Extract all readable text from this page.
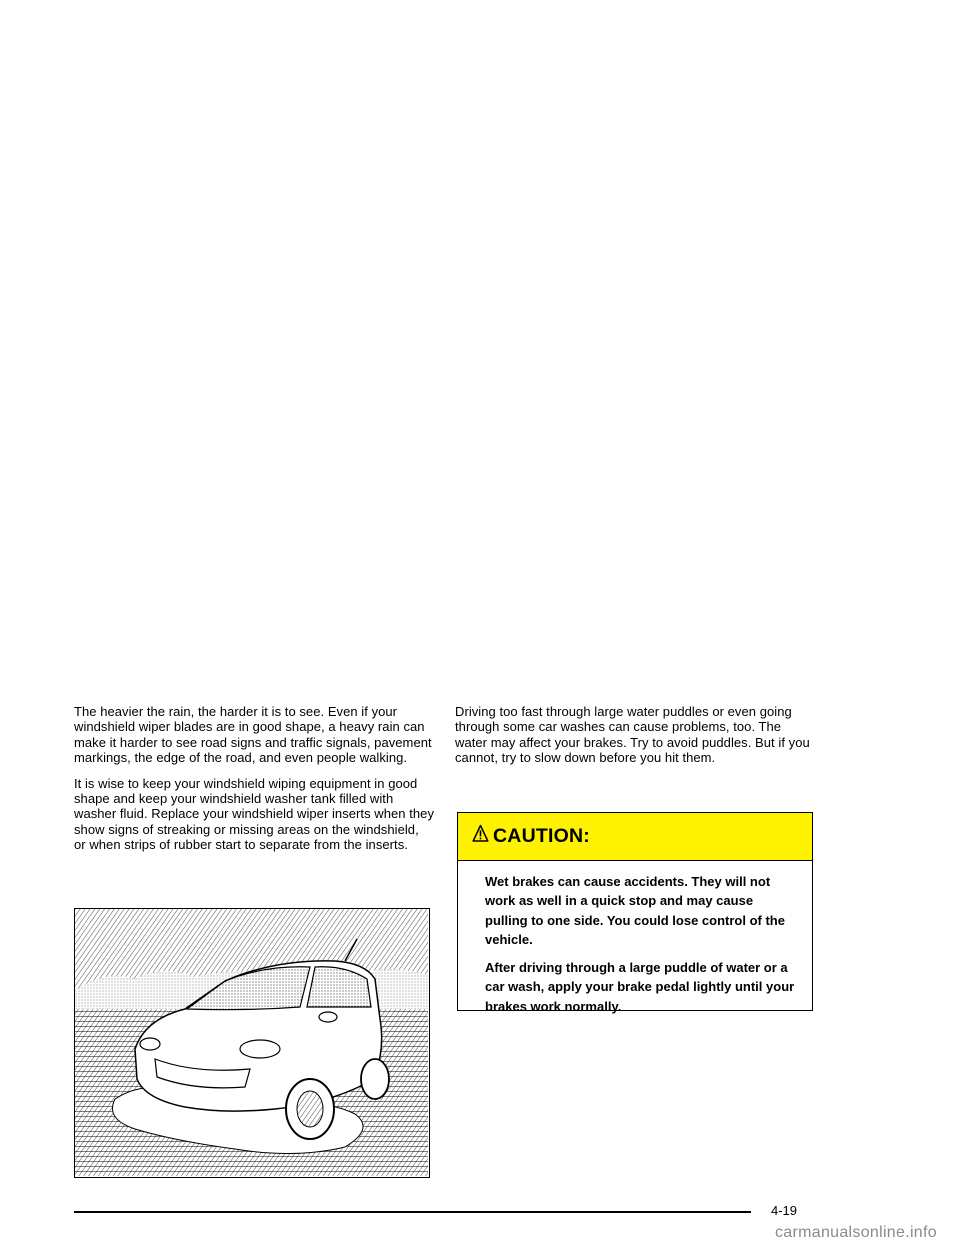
The heavier the rain, the harder it is to see. Even if your windshield wiper blades are in good shape, a heavy rain can make it harder to see road signs and traffic signals, pavement markings, the edge of the road, and even people walking.

It is wise to keep your windshield wiping equipment in good shape and keep your windshield washer tank filled with washer fluid. Replace your windshield wiper inserts when they show signs of streaking or missing areas on the windshield, or when strips of rubber start to separate from the inserts.

Driving too fast through large water puddles or even going through some car washes can cause problems, too. The water may affect your brakes. Try to avoid puddles. But if you cannot, try to slow down before you hit them.

CAUTION:

Wet brakes can cause accidents. They will not work as well in a quick stop and may cause pulling to one side. You could lose control of the vehicle.

After driving through a large puddle of water or a car wash, apply your brake pedal lightly until your brakes work normally.

4-19
carmanualsonline.info
